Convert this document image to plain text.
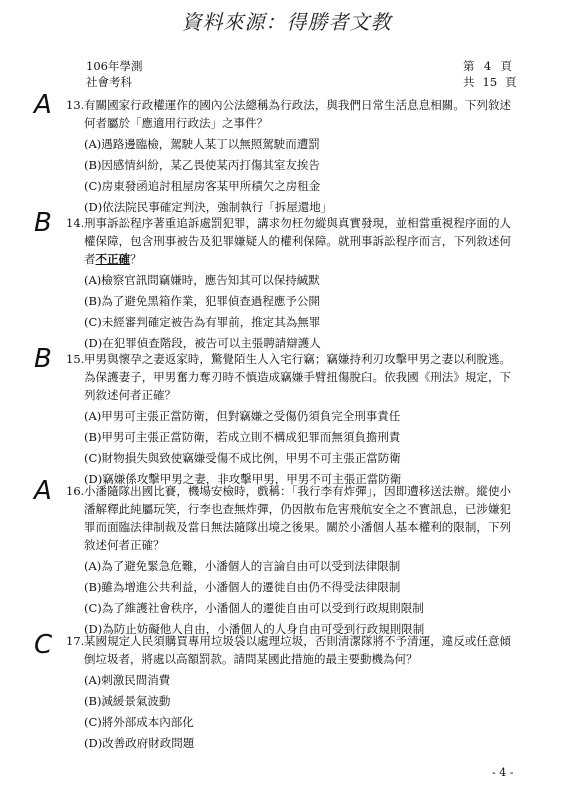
資料來源：得勝者文教
106年學測
社會考科
第 4 頁
共 15 頁
A 13. 有關國家行政權運作的國內公法總稱為行政法，與我們日常生活息息相關。下列敘述何者屬於「應適用行政法」之事件？
(A)遇路邊臨檢，駕駛人某丁以無照駕駛而遭罰
(B)因感情糾紛，某乙畏使某丙打傷其室友挨告
(C)房東發函追討租屋房客某甲所積欠之房租金
(D)依法院民事確定判決，強制執行「拆屋還地」
B 14. 刑事訴訟程序著重追訴處罰犯罪，講求勿枉勿縱與真實發現，並相當重視程序面的人權保障，包含刑事被告及犯罪嫌疑人的權利保障。就刑事訴訟程序而言，下列敘述何者不正確？
(A)檢察官訊問竊嫌時，應告知其可以保持緘默
(B)為了避免黑箱作業，犯罪偵查過程應予公開
(C)未經審判確定被告為有罪前，推定其為無罪
(D)在犯罪偵查階段，被告可以主張聘請辯護人
B 15. 甲男與懷孕之妻返家時，驚覺陌生人入宅行竊；竊嫌持利刃攻擊甲男之妻以利脫逃。為保護妻子，甲男奮力奪刃時不慎造成竊嫌手臂扭傷脫臼。依我國《刑法》規定，下列敘述何者正確？
(A)甲男可主張正當防衛，但對竊嫌之受傷仍須負完全刑事責任
(B)甲男可主張正當防衛，若成立則不構成犯罪而無須負擔刑責
(C)財物損失與致使竊嫌受傷不成比例，甲男不可主張正當防衛
(D)竊嫌係攻擊甲男之妻，非攻擊甲男，甲男不可主張正當防衛
A 16. 小潘隨隊出國比賽，機場安檢時，戲稱：「我行李有炸彈」，因即遭移送法辦。縱使小潘解釋此純屬玩笑，行李也查無炸彈，仍因散布危害飛航安全之不實訊息，已涉嫌犯罪而面臨法律制裁及當日無法隨隊出境之後果。關於小潘個人基本權利的限制，下列敘述何者正確？
(A)為了避免緊急危難，小潘個人的言論自由可以受到法律限制
(B)雖為增進公共利益，小潘個人的遷徙自由仍不得受法律限制
(C)為了維護社會秩序，小潘個人的遷徙自由可以受到行政規則限制
(D)為防止妨礙他人自由，小潘個人的人身自由可受到行政規則限制
C 17. 某國規定人民須購買專用垃圾袋以處理垃圾，否則清潔隊將不予清運，違反或任意傾倒垃圾者，將處以高額罰款。請問某國此措施的最主要動機為何？
(A)刺激民間消費
(B)減緩景氣波動
(C)將外部成本內部化
(D)改善政府財政問題
- 4 -
